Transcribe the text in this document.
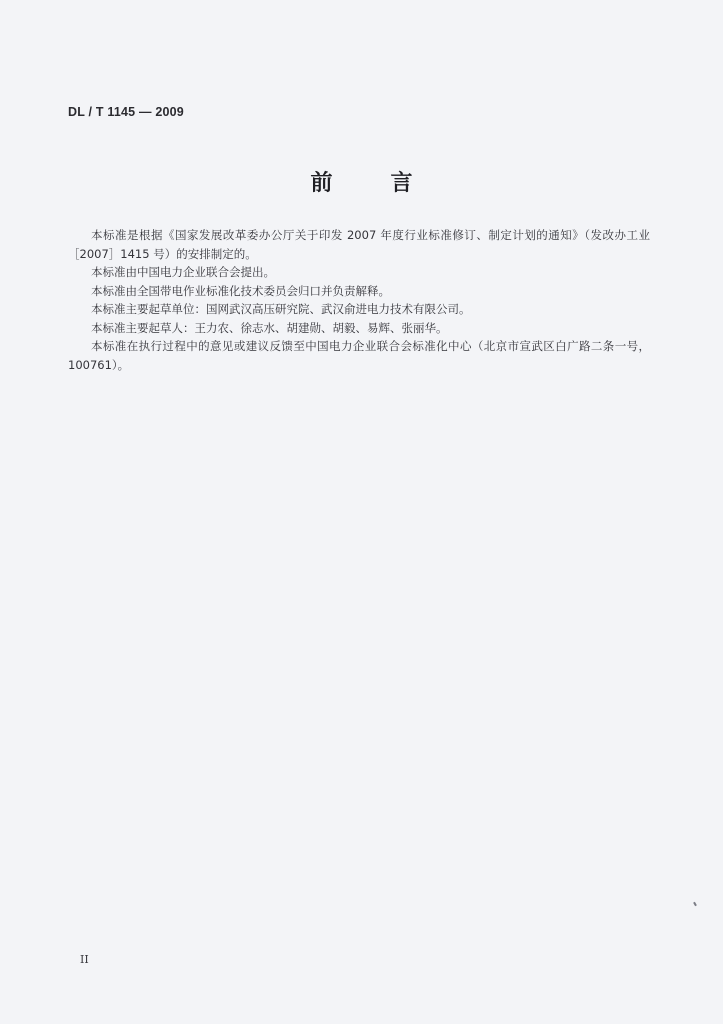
DL / T 1145 — 2009
前　言

本标准是根据《国家发展改革委办公厅关于印发 2007 年度行业标准修订、制定计划的通知》（发改办工业［2007］1415 号）的安排制定的。

本标准由中国电力企业联合会提出。

本标准由全国带电作业标准化技术委员会归口并负责解释。

本标准主要起草单位：国网武汉高压研究院、武汉俞进电力技术有限公司。

本标准主要起草人：王力农、徐志水、胡建勋、胡毅、易辉、张丽华。

本标准在执行过程中的意见或建议反馈至中国电力企业联合会标准化中心（北京市宣武区白广路二条一号，100761）。

II
